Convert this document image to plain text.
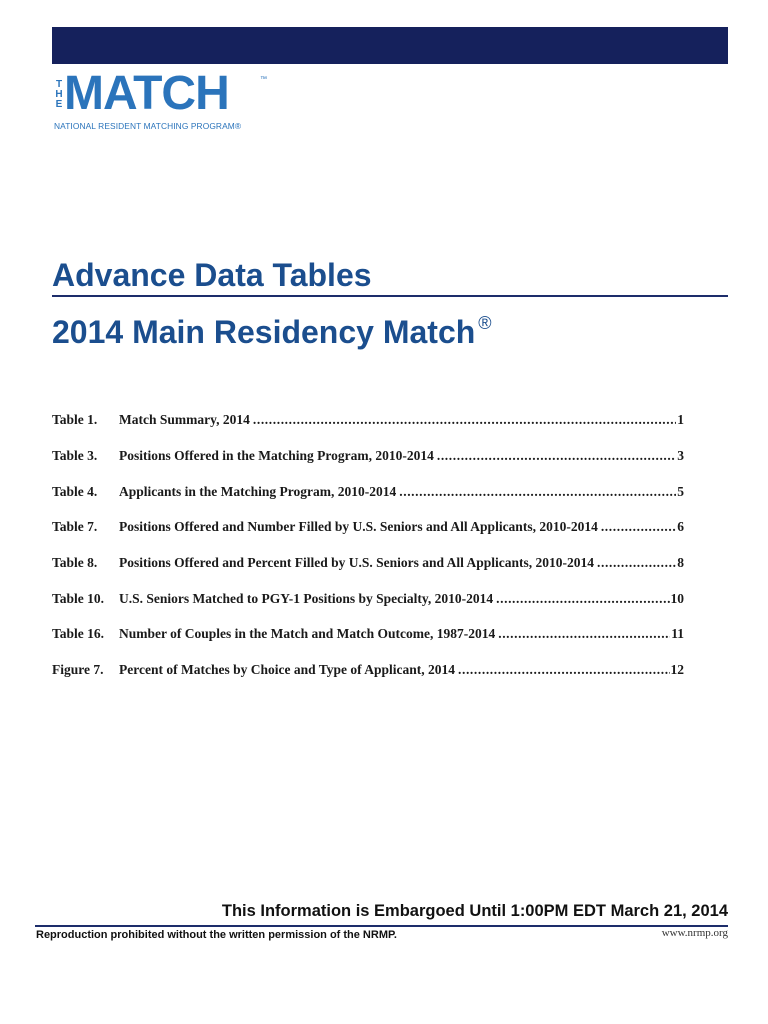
THE MATCH	™
NATIONAL RESIDENT MATCHING PROGRAM®
Advance Data Tables
2014 Main Residency Match ®
Table 1.	Match Summary, 2014 .....	1
Table 3.	Positions Offered in the Matching Program, 2010-2014 .....	3
Table 4.	Applicants in the Matching Program, 2010-2014 .....	5
Table 7.	Positions Offered and Number Filled by U.S. Seniors and All Applicants, 2010-2014 .....	6
Table 8.	Positions Offered and Percent Filled by U.S. Seniors and All Applicants, 2010-2014 .....	8
Table 10.	U.S. Seniors Matched to PGY-1 Positions by Specialty, 2010-2014 .....	10
Table 16.	Number of Couples in the Match and Match Outcome, 1987-2014 .....	11
Figure 7.	Percent of Matches by Choice and Type of Applicant, 2014 .....	12
This Information is Embargoed Until 1:00PM EDT March 21, 2014
Reproduction prohibited without the written permission of the NRMP.	www.nrmp.org
